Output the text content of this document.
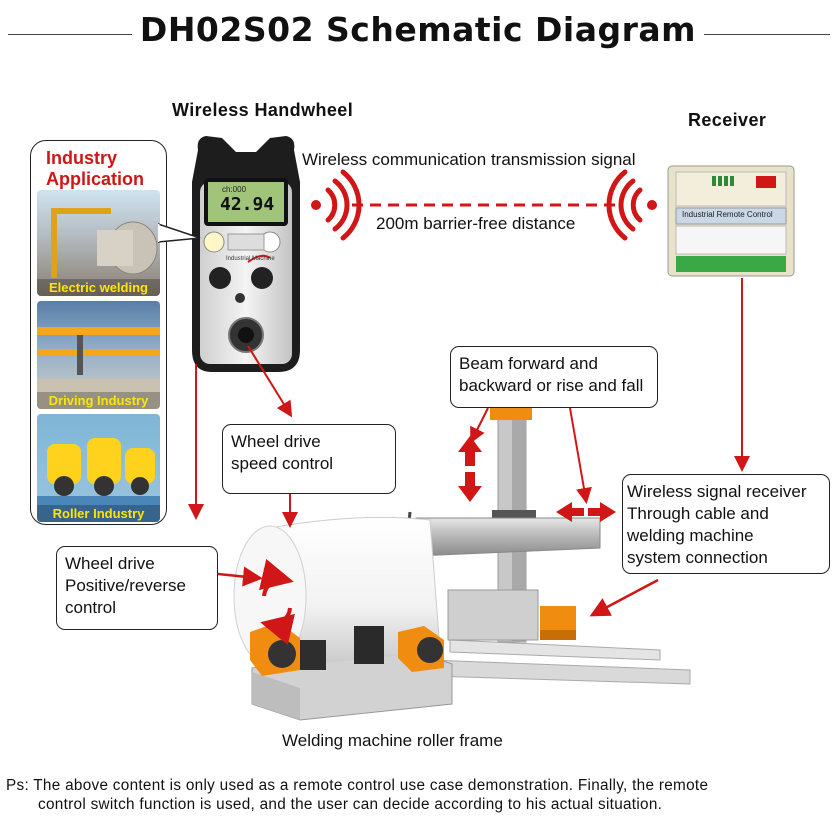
DH02S02 Schematic Diagram
Wireless Handwheel	Receiver
ch:000
42.94
Industrial Machine
Industrial Remote Control
Wireless communication transmission signal
200m barrier-free distance
Industry
Application
Electric welding
Driving Industry
Roller Industry
Wheel drive
speed control
Beam forward and
backward or rise and fall
Wheel drive
Positive/reverse
control
Wireless signal receiver
Through cable and
welding machine
system connection
Welding machine roller frame
Ps: The above content is only used as a remote control use case demonstration. Finally, the remote
control switch function is used, and the user can decide according to his actual situation.
